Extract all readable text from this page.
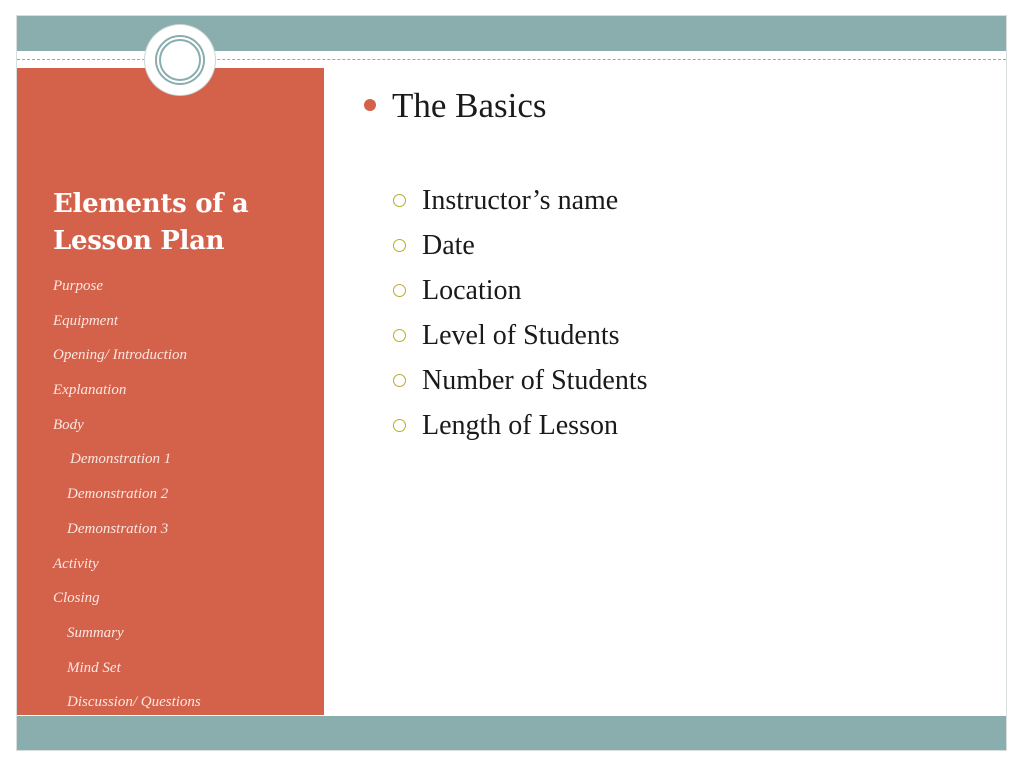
Elements of a Lesson Plan
Purpose
Equipment
Opening/ Introduction
Explanation
Body
Demonstration 1
Demonstration 2
Demonstration 3
Activity
Closing
Summary
Mind Set
Discussion/ Questions
The Basics
Instructor’s name
Date
Location
Level of Students
Number of Students
Length of Lesson
